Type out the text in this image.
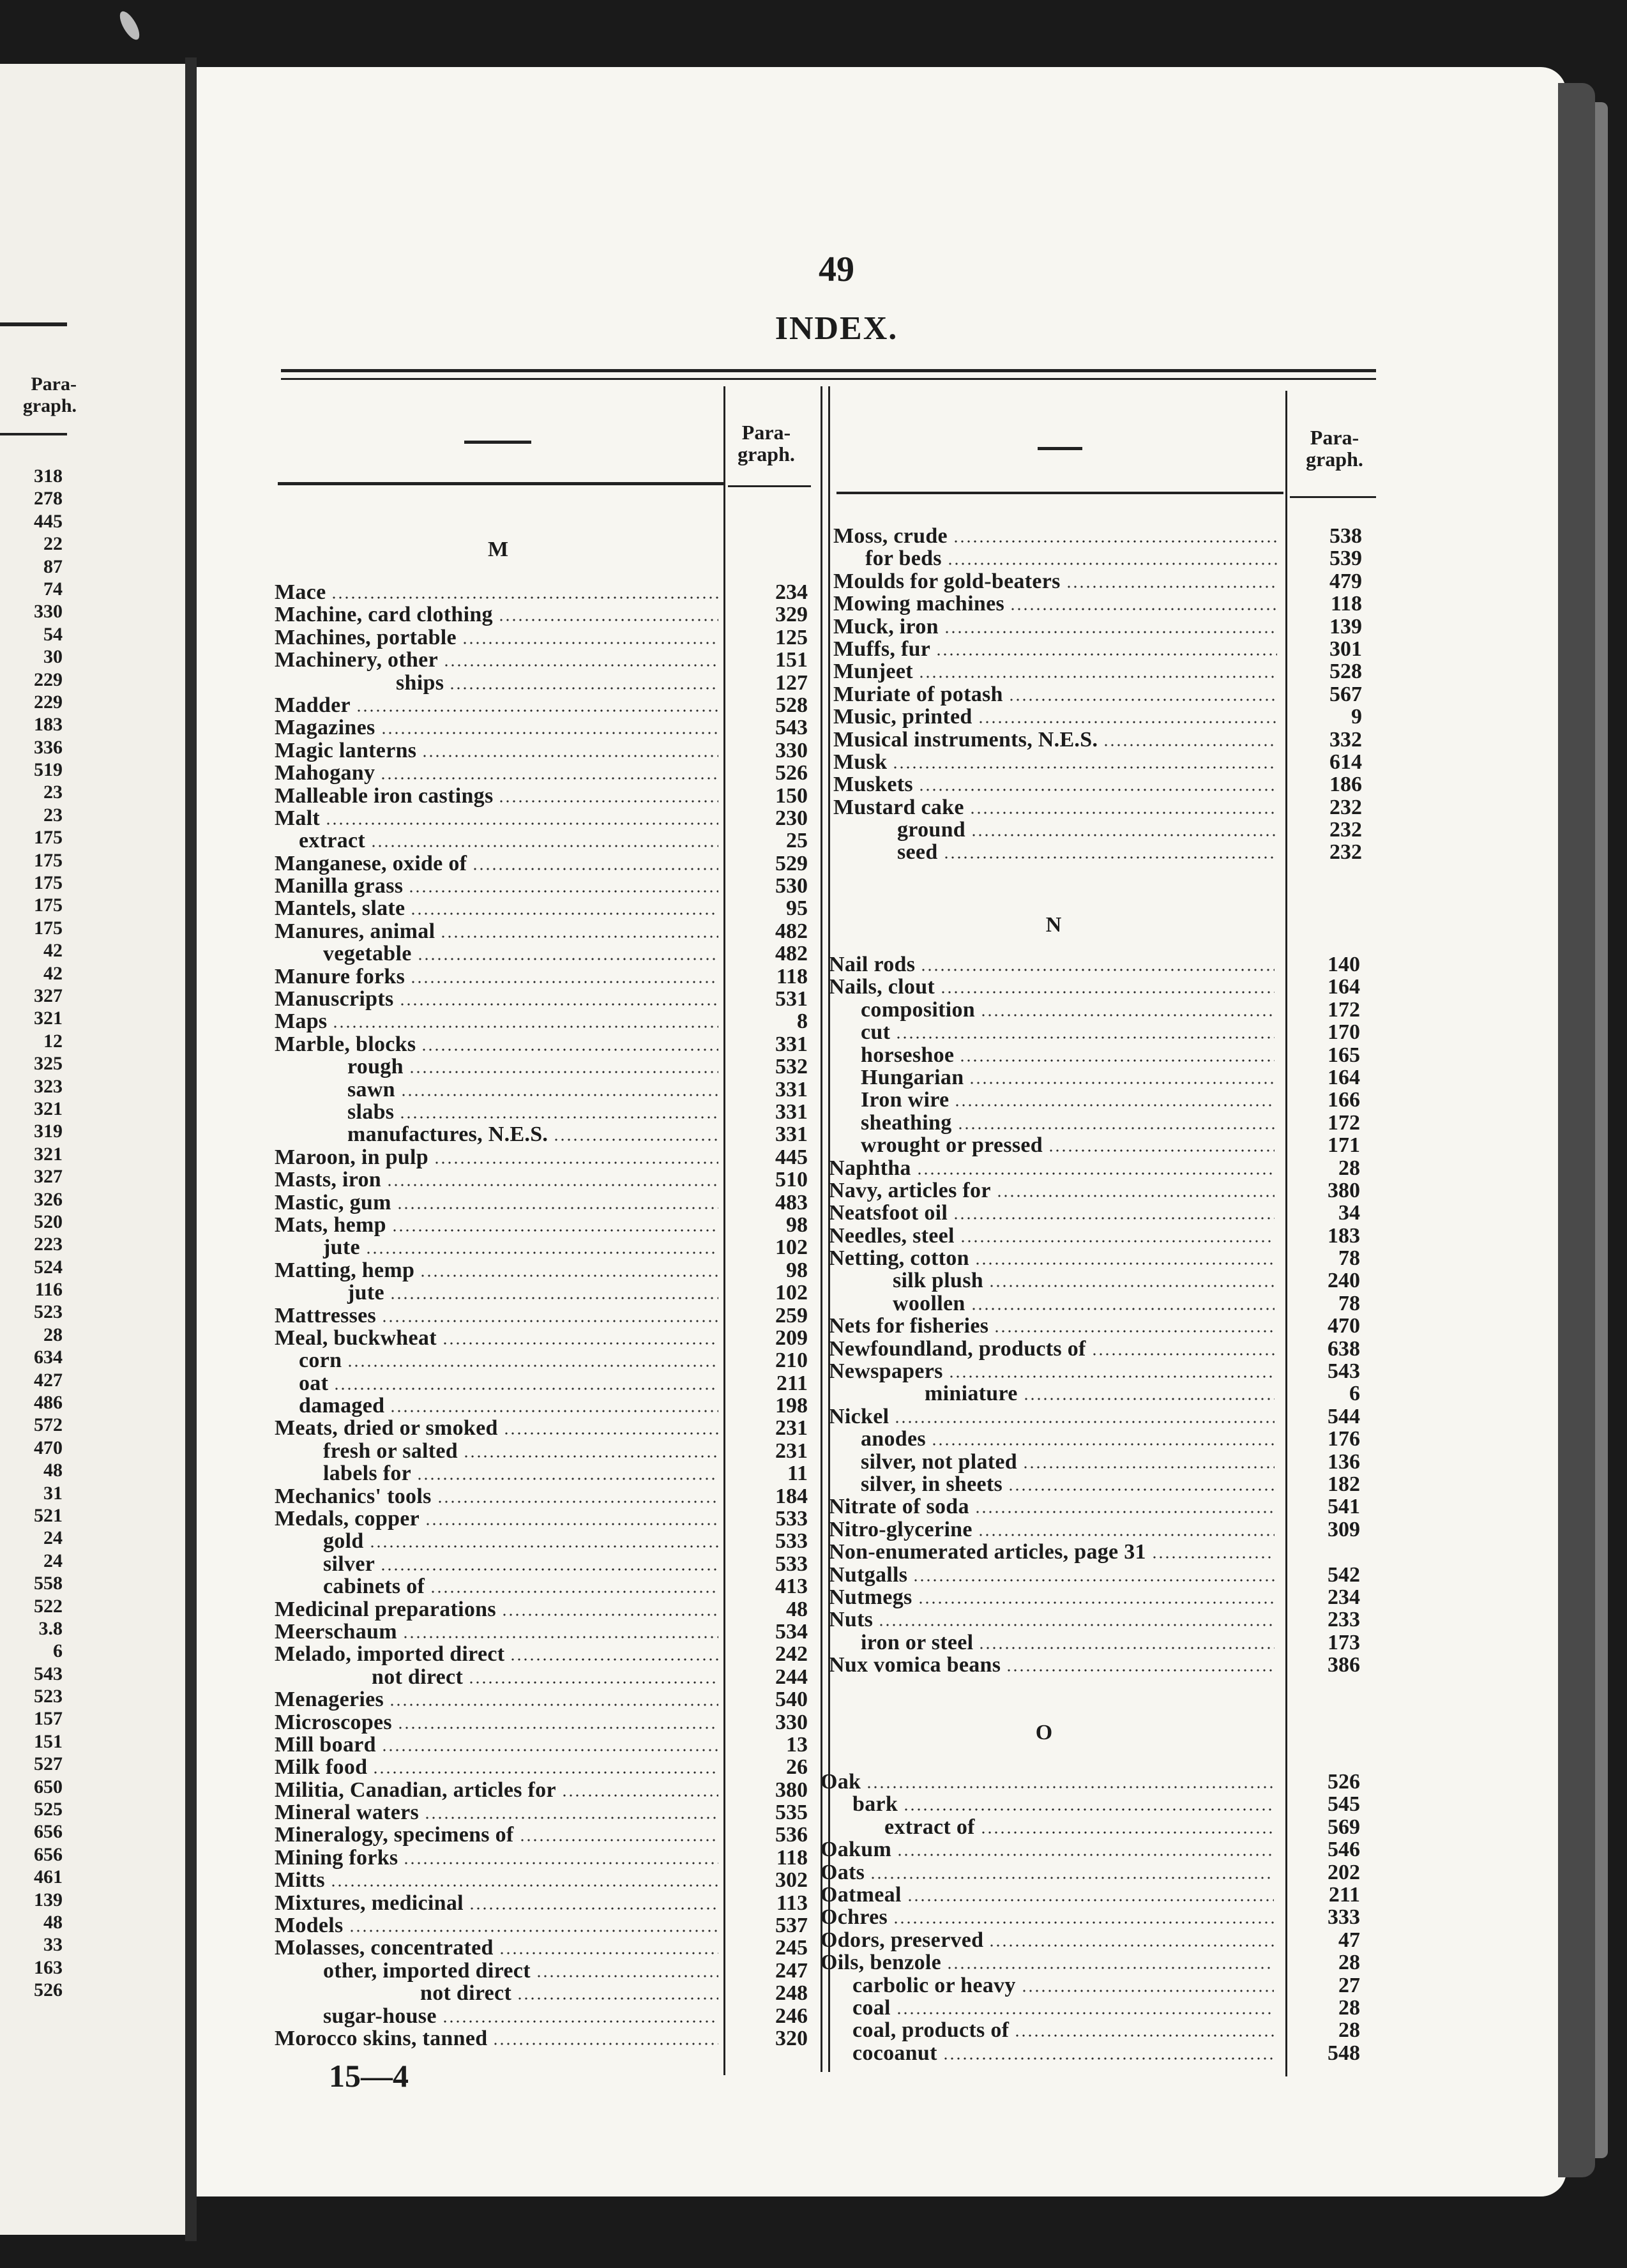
Para-
graph.
318
278
445
22
87
74
330
54
30
229
229
183
336
519
23
23
175
175
175
175
175
42
42
327
321
12
325
323
321
319
321
327
326
520
223
524
116
523
28
634
427
486
572
470
48
31
521
24
24
558
522
3.8
6
543
523
157
151
527
650
525
656
656
461
139
48
33
163
526
49
INDEX.
Para-
graph.
Para-
graph.
M
N
O
Mace	234
Machine, card clothing	329
Machines, portable	125
Machinery, other	151
ships	127
Madder	528
Magazines	543
Magic lanterns	330
Mahogany	526
Malleable iron castings	150
Malt	230
extract	25
Manganese, oxide of	529
Manilla grass	530
Mantels, slate	95
Manures, animal	482
vegetable	482
Manure forks	118
Manuscripts	531
Maps	8
Marble, blocks	331
rough	532
sawn	331
slabs	331
manufactures, N.E.S.	331
Maroon, in pulp	445
Masts, iron	510
Mastic, gum	483
Mats, hemp	98
jute	102
Matting, hemp	98
jute	102
Mattresses	259
Meal, buckwheat	209
corn	210
oat	211
damaged	198
Meats, dried or smoked	231
fresh or salted	231
labels for	11
Mechanics' tools	184
Medals, copper	533
gold	533
silver	533
cabinets of	413
Medicinal preparations	48
Meerschaum	534
Melado, imported direct	242
not direct	244
Menageries	540
Microscopes	330
Mill board	13
Milk food	26
Militia, Canadian, articles for	380
Mineral waters	535
Mineralogy, specimens of	536
Mining forks	118
Mitts	302
Mixtures, medicinal	113
Models	537
Molasses, concentrated	245
other, imported direct	247
not direct	248
sugar-house	246
Morocco skins, tanned	320
Moss, crude	538
for beds	539
Moulds for gold-beaters	479
Mowing machines	118
Muck, iron	139
Muffs, fur	301
Munjeet	528
Muriate of potash	567
Music, printed	9
Musical instruments, N.E.S.	332
Musk	614
Muskets	186
Mustard cake	232
ground	232
seed	232
Nail rods	140
Nails, clout	164
composition	172
cut	170
horseshoe	165
Hungarian	164
Iron wire	166
sheathing	172
wrought or pressed	171
Naphtha	28
Navy, articles for	380
Neatsfoot oil	34
Needles, steel	183
Netting, cotton	78
silk plush	240
woollen	78
Nets for fisheries	470
Newfoundland, products of	638
Newspapers	543
miniature	6
Nickel	544
anodes	176
silver, not plated	136
silver, in sheets	182
Nitrate of soda	541
Nitro-glycerine	309
Non-enumerated articles, page 31
Nutgalls	542
Nutmegs	234
Nuts	233
iron or steel	173
Nux vomica beans	386
Oak	526
bark	545
extract of	569
Oakum	546
Oats	202
Oatmeal	211
Ochres	333
Odors, preserved	47
Oils, benzole	28
carbolic or heavy	27
coal	28
coal, products of	28
cocoanut	548
15—4
